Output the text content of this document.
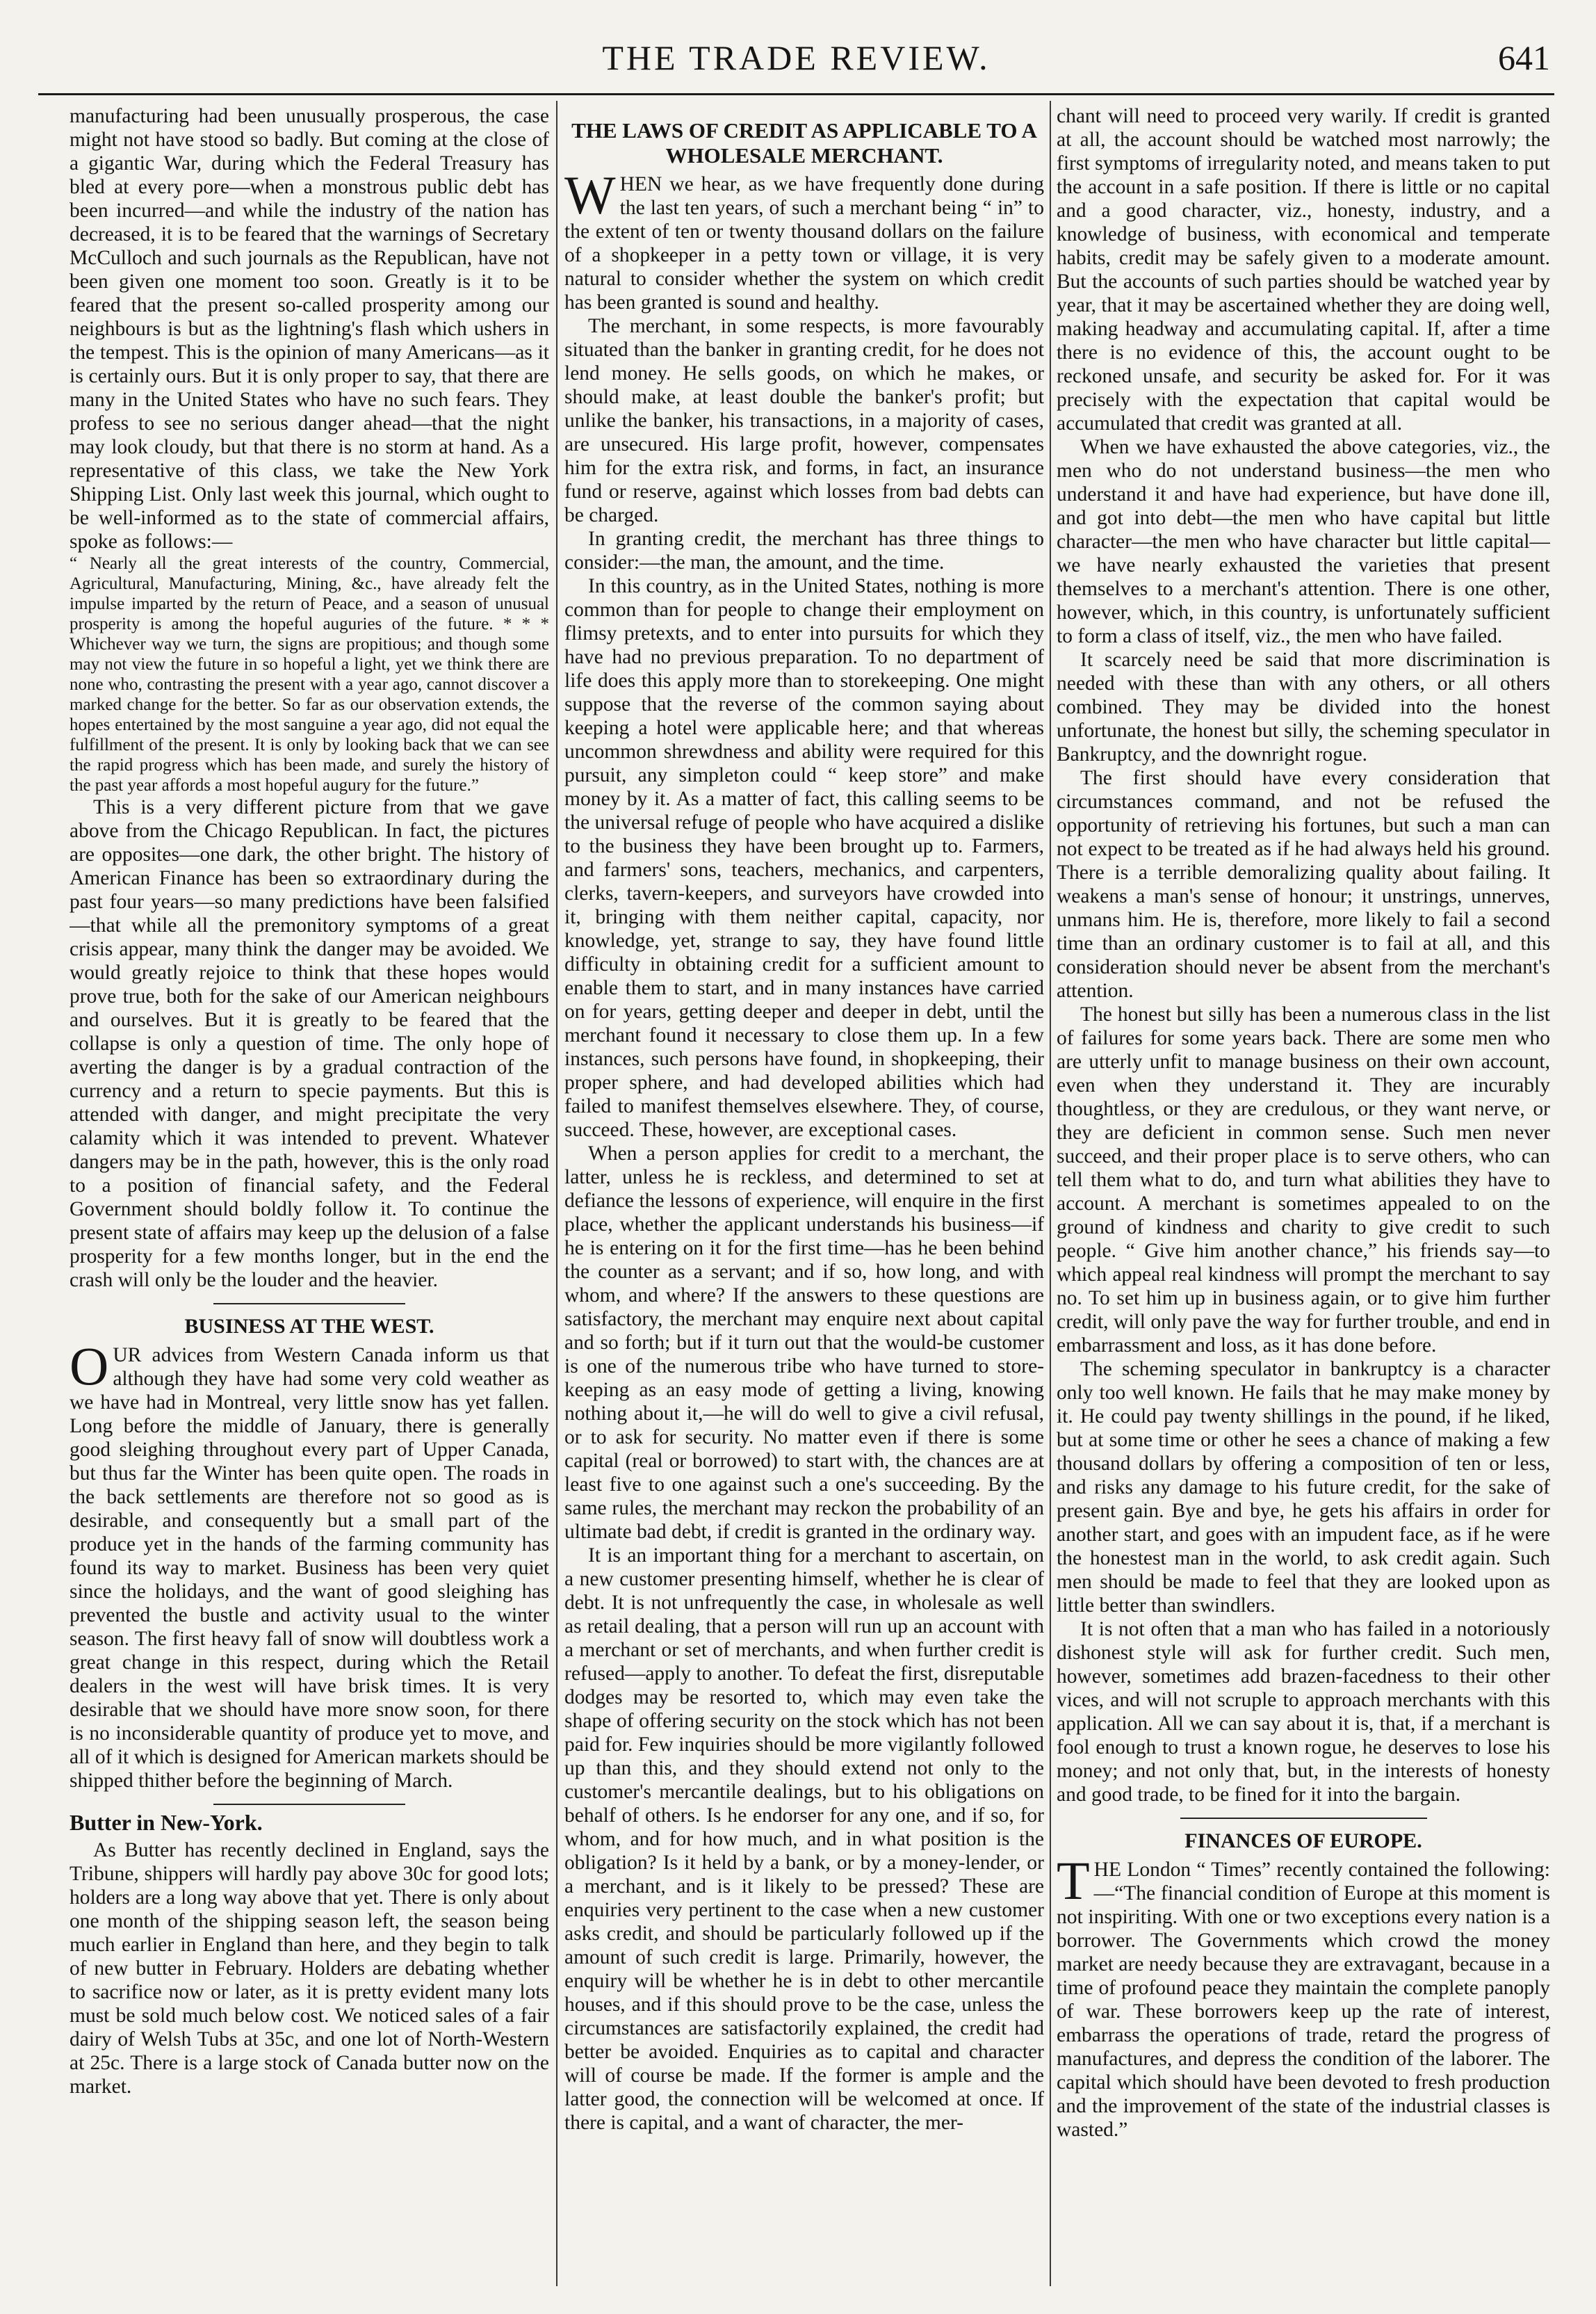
THE TRADE REVIEW.	641

manufacturing had been unusually prosperous, the case might not have stood so badly. But coming at the close of a gigantic War, during which the Federal Treasury has bled at every pore—when a monstrous public debt has been incurred—and while the industry of the nation has decreased, it is to be feared that the warnings of Secretary McCulloch and such journals as the Republican, have not been given one moment too soon. Greatly is it to be feared that the present so-called prosperity among our neighbours is but as the lightning's flash which ushers in the tempest. This is the opinion of many Americans—as it is certainly ours. But it is only proper to say, that there are many in the United States who have no such fears. They profess to see no serious danger ahead—that the night may look cloudy, but that there is no storm at hand. As a representative of this class, we take the New York Shipping List. Only last week this journal, which ought to be well-informed as to the state of commercial affairs, spoke as follows:—

“ Nearly all the great interests of the country, Commercial, Agricultural, Manufacturing, Mining, &c., have already felt the impulse imparted by the return of Peace, and a season of unusual prosperity is among the hopeful auguries of the future. * * * Whichever way we turn, the signs are propitious; and though some may not view the future in so hopeful a light, yet we think there are none who, contrasting the present with a year ago, cannot discover a marked change for the better. So far as our observation extends, the hopes entertained by the most sanguine a year ago, did not equal the fulfillment of the present. It is only by looking back that we can see the rapid progress which has been made, and surely the history of the past year affords a most hopeful augury for the future.”

This is a very different picture from that we gave above from the Chicago Republican. In fact, the pictures are opposites—one dark, the other bright. The history of American Finance has been so extraordinary during the past four years—so many predictions have been falsified—that while all the premonitory symptoms of a great crisis appear, many think the danger may be avoided. We would greatly rejoice to think that these hopes would prove true, both for the sake of our American neighbours and ourselves. But it is greatly to be feared that the collapse is only a question of time. The only hope of averting the danger is by a gradual contraction of the currency and a return to specie payments. But this is attended with danger, and might precipitate the very calamity which it was intended to prevent. Whatever dangers may be in the path, however, this is the only road to a position of financial safety, and the Federal Government should boldly follow it. To continue the present state of affairs may keep up the delusion of a false prosperity for a few months longer, but in the end the crash will only be the louder and the heavier.

BUSINESS AT THE WEST.

OUR advices from Western Canada inform us that although they have had some very cold weather as we have had in Montreal, very little snow has yet fallen. Long before the middle of January, there is generally good sleighing throughout every part of Upper Canada, but thus far the Winter has been quite open. The roads in the back settlements are therefore not so good as is desirable, and consequently but a small part of the produce yet in the hands of the farming community has found its way to market. Business has been very quiet since the holidays, and the want of good sleighing has prevented the bustle and activity usual to the winter season. The first heavy fall of snow will doubtless work a great change in this respect, during which the Retail dealers in the west will have brisk times. It is very desirable that we should have more snow soon, for there is no inconsiderable quantity of produce yet to move, and all of it which is designed for American markets should be shipped thither before the beginning of March.

Butter in New-York.

As Butter has recently declined in England, says the Tribune, shippers will hardly pay above 30c for good lots; holders are a long way above that yet. There is only about one month of the shipping season left, the season being much earlier in England than here, and they begin to talk of new butter in February. Holders are debating whether to sacrifice now or later, as it is pretty evident many lots must be sold much below cost. We noticed sales of a fair dairy of Welsh Tubs at 35c, and one lot of North-Western at 25c. There is a large stock of Canada butter now on the market.

THE LAWS OF CREDIT AS APPLICABLE TO A WHOLESALE MERCHANT.

WHEN we hear, as we have frequently done during the last ten years, of such a merchant being “ in” to the extent of ten or twenty thousand dollars on the failure of a shopkeeper in a petty town or village, it is very natural to consider whether the system on which credit has been granted is sound and healthy.

The merchant, in some respects, is more favourably situated than the banker in granting credit, for he does not lend money. He sells goods, on which he makes, or should make, at least double the banker's profit; but unlike the banker, his transactions, in a majority of cases, are unsecured. His large profit, however, compensates him for the extra risk, and forms, in fact, an insurance fund or reserve, against which losses from bad debts can be charged.

In granting credit, the merchant has three things to consider:—the man, the amount, and the time.

In this country, as in the United States, nothing is more common than for people to change their employment on flimsy pretexts, and to enter into pursuits for which they have had no previous preparation. To no department of life does this apply more than to storekeeping. One might suppose that the reverse of the common saying about keeping a hotel were applicable here; and that whereas uncommon shrewdness and ability were required for this pursuit, any simpleton could “ keep store” and make money by it. As a matter of fact, this calling seems to be the universal refuge of people who have acquired a dislike to the business they have been brought up to. Farmers, and farmers' sons, teachers, mechanics, and carpenters, clerks, tavern-keepers, and surveyors have crowded into it, bringing with them neither capital, capacity, nor knowledge, yet, strange to say, they have found little difficulty in obtaining credit for a sufficient amount to enable them to start, and in many instances have carried on for years, getting deeper and deeper in debt, until the merchant found it necessary to close them up. In a few instances, such persons have found, in shopkeeping, their proper sphere, and had developed abilities which had failed to manifest themselves elsewhere. They, of course, succeed. These, however, are exceptional cases.

When a person applies for credit to a merchant, the latter, unless he is reckless, and determined to set at defiance the lessons of experience, will enquire in the first place, whether the applicant understands his business—if he is entering on it for the first time—has he been behind the counter as a servant; and if so, how long, and with whom, and where? If the answers to these questions are satisfactory, the merchant may enquire next about capital and so forth; but if it turn out that the would-be customer is one of the numerous tribe who have turned to store-keeping as an easy mode of getting a living, knowing nothing about it,—he will do well to give a civil refusal, or to ask for security. No matter even if there is some capital (real or borrowed) to start with, the chances are at least five to one against such a one's succeeding. By the same rules, the merchant may reckon the probability of an ultimate bad debt, if credit is granted in the ordinary way.

It is an important thing for a merchant to ascertain, on a new customer presenting himself, whether he is clear of debt. It is not unfrequently the case, in wholesale as well as retail dealing, that a person will run up an account with a merchant or set of merchants, and when further credit is refused—apply to another. To defeat the first, disreputable dodges may be resorted to, which may even take the shape of offering security on the stock which has not been paid for. Few inquiries should be more vigilantly followed up than this, and they should extend not only to the customer's mercantile dealings, but to his obligations on behalf of others. Is he endorser for any one, and if so, for whom, and for how much, and in what position is the obligation? Is it held by a bank, or by a money-lender, or a merchant, and is it likely to be pressed? These are enquiries very pertinent to the case when a new customer asks credit, and should be particularly followed up if the amount of such credit is large. Primarily, however, the enquiry will be whether he is in debt to other mercantile houses, and if this should prove to be the case, unless the circumstances are satisfactorily explained, the credit had better be avoided. Enquiries as to capital and character will of course be made. If the former is ample and the latter good, the connection will be welcomed at once. If there is capital, and a want of character, the mer-

chant will need to proceed very warily. If credit is granted at all, the account should be watched most narrowly; the first symptoms of irregularity noted, and means taken to put the account in a safe position. If there is little or no capital and a good character, viz., honesty, industry, and a knowledge of business, with economical and temperate habits, credit may be safely given to a moderate amount. But the accounts of such parties should be watched year by year, that it may be ascertained whether they are doing well, making headway and accumulating capital. If, after a time there is no evidence of this, the account ought to be reckoned unsafe, and security be asked for. For it was precisely with the expectation that capital would be accumulated that credit was granted at all.

When we have exhausted the above categories, viz., the men who do not understand business—the men who understand it and have had experience, but have done ill, and got into debt—the men who have capital but little character—the men who have character but little capital—we have nearly exhausted the varieties that present themselves to a merchant's attention. There is one other, however, which, in this country, is unfortunately sufficient to form a class of itself, viz., the men who have failed.

It scarcely need be said that more discrimination is needed with these than with any others, or all others combined. They may be divided into the honest unfortunate, the honest but silly, the scheming speculator in Bankruptcy, and the downright rogue.

The first should have every consideration that circumstances command, and not be refused the opportunity of retrieving his fortunes, but such a man can not expect to be treated as if he had always held his ground. There is a terrible demoralizing quality about failing. It weakens a man's sense of honour; it unstrings, unnerves, unmans him. He is, therefore, more likely to fail a second time than an ordinary customer is to fail at all, and this consideration should never be absent from the merchant's attention.

The honest but silly has been a numerous class in the list of failures for some years back. There are some men who are utterly unfit to manage business on their own account, even when they understand it. They are incurably thoughtless, or they are credulous, or they want nerve, or they are deficient in common sense. Such men never succeed, and their proper place is to serve others, who can tell them what to do, and turn what abilities they have to account. A merchant is sometimes appealed to on the ground of kindness and charity to give credit to such people. “ Give him another chance,” his friends say—to which appeal real kindness will prompt the merchant to say no. To set him up in business again, or to give him further credit, will only pave the way for further trouble, and end in embarrassment and loss, as it has done before.

The scheming speculator in bankruptcy is a character only too well known. He fails that he may make money by it. He could pay twenty shillings in the pound, if he liked, but at some time or other he sees a chance of making a few thousand dollars by offering a composition of ten or less, and risks any damage to his future credit, for the sake of present gain. Bye and bye, he gets his affairs in order for another start, and goes with an impudent face, as if he were the honestest man in the world, to ask credit again. Such men should be made to feel that they are looked upon as little better than swindlers.

It is not often that a man who has failed in a notoriously dishonest style will ask for further credit. Such men, however, sometimes add brazen-facedness to their other vices, and will not scruple to approach merchants with this application. All we can say about it is, that, if a merchant is fool enough to trust a known rogue, he deserves to lose his money; and not only that, but, in the interests of honesty and good trade, to be fined for it into the bargain.

FINANCES OF EUROPE.

THE London “ Times” recently contained the following:—“The financial condition of Europe at this moment is not inspiriting. With one or two exceptions every nation is a borrower. The Governments which crowd the money market are needy because they are extravagant, because in a time of profound peace they maintain the complete panoply of war. These borrowers keep up the rate of interest, embarrass the operations of trade, retard the progress of manufactures, and depress the condition of the laborer. The capital which should have been devoted to fresh production and the improvement of the state of the industrial classes is wasted.”
